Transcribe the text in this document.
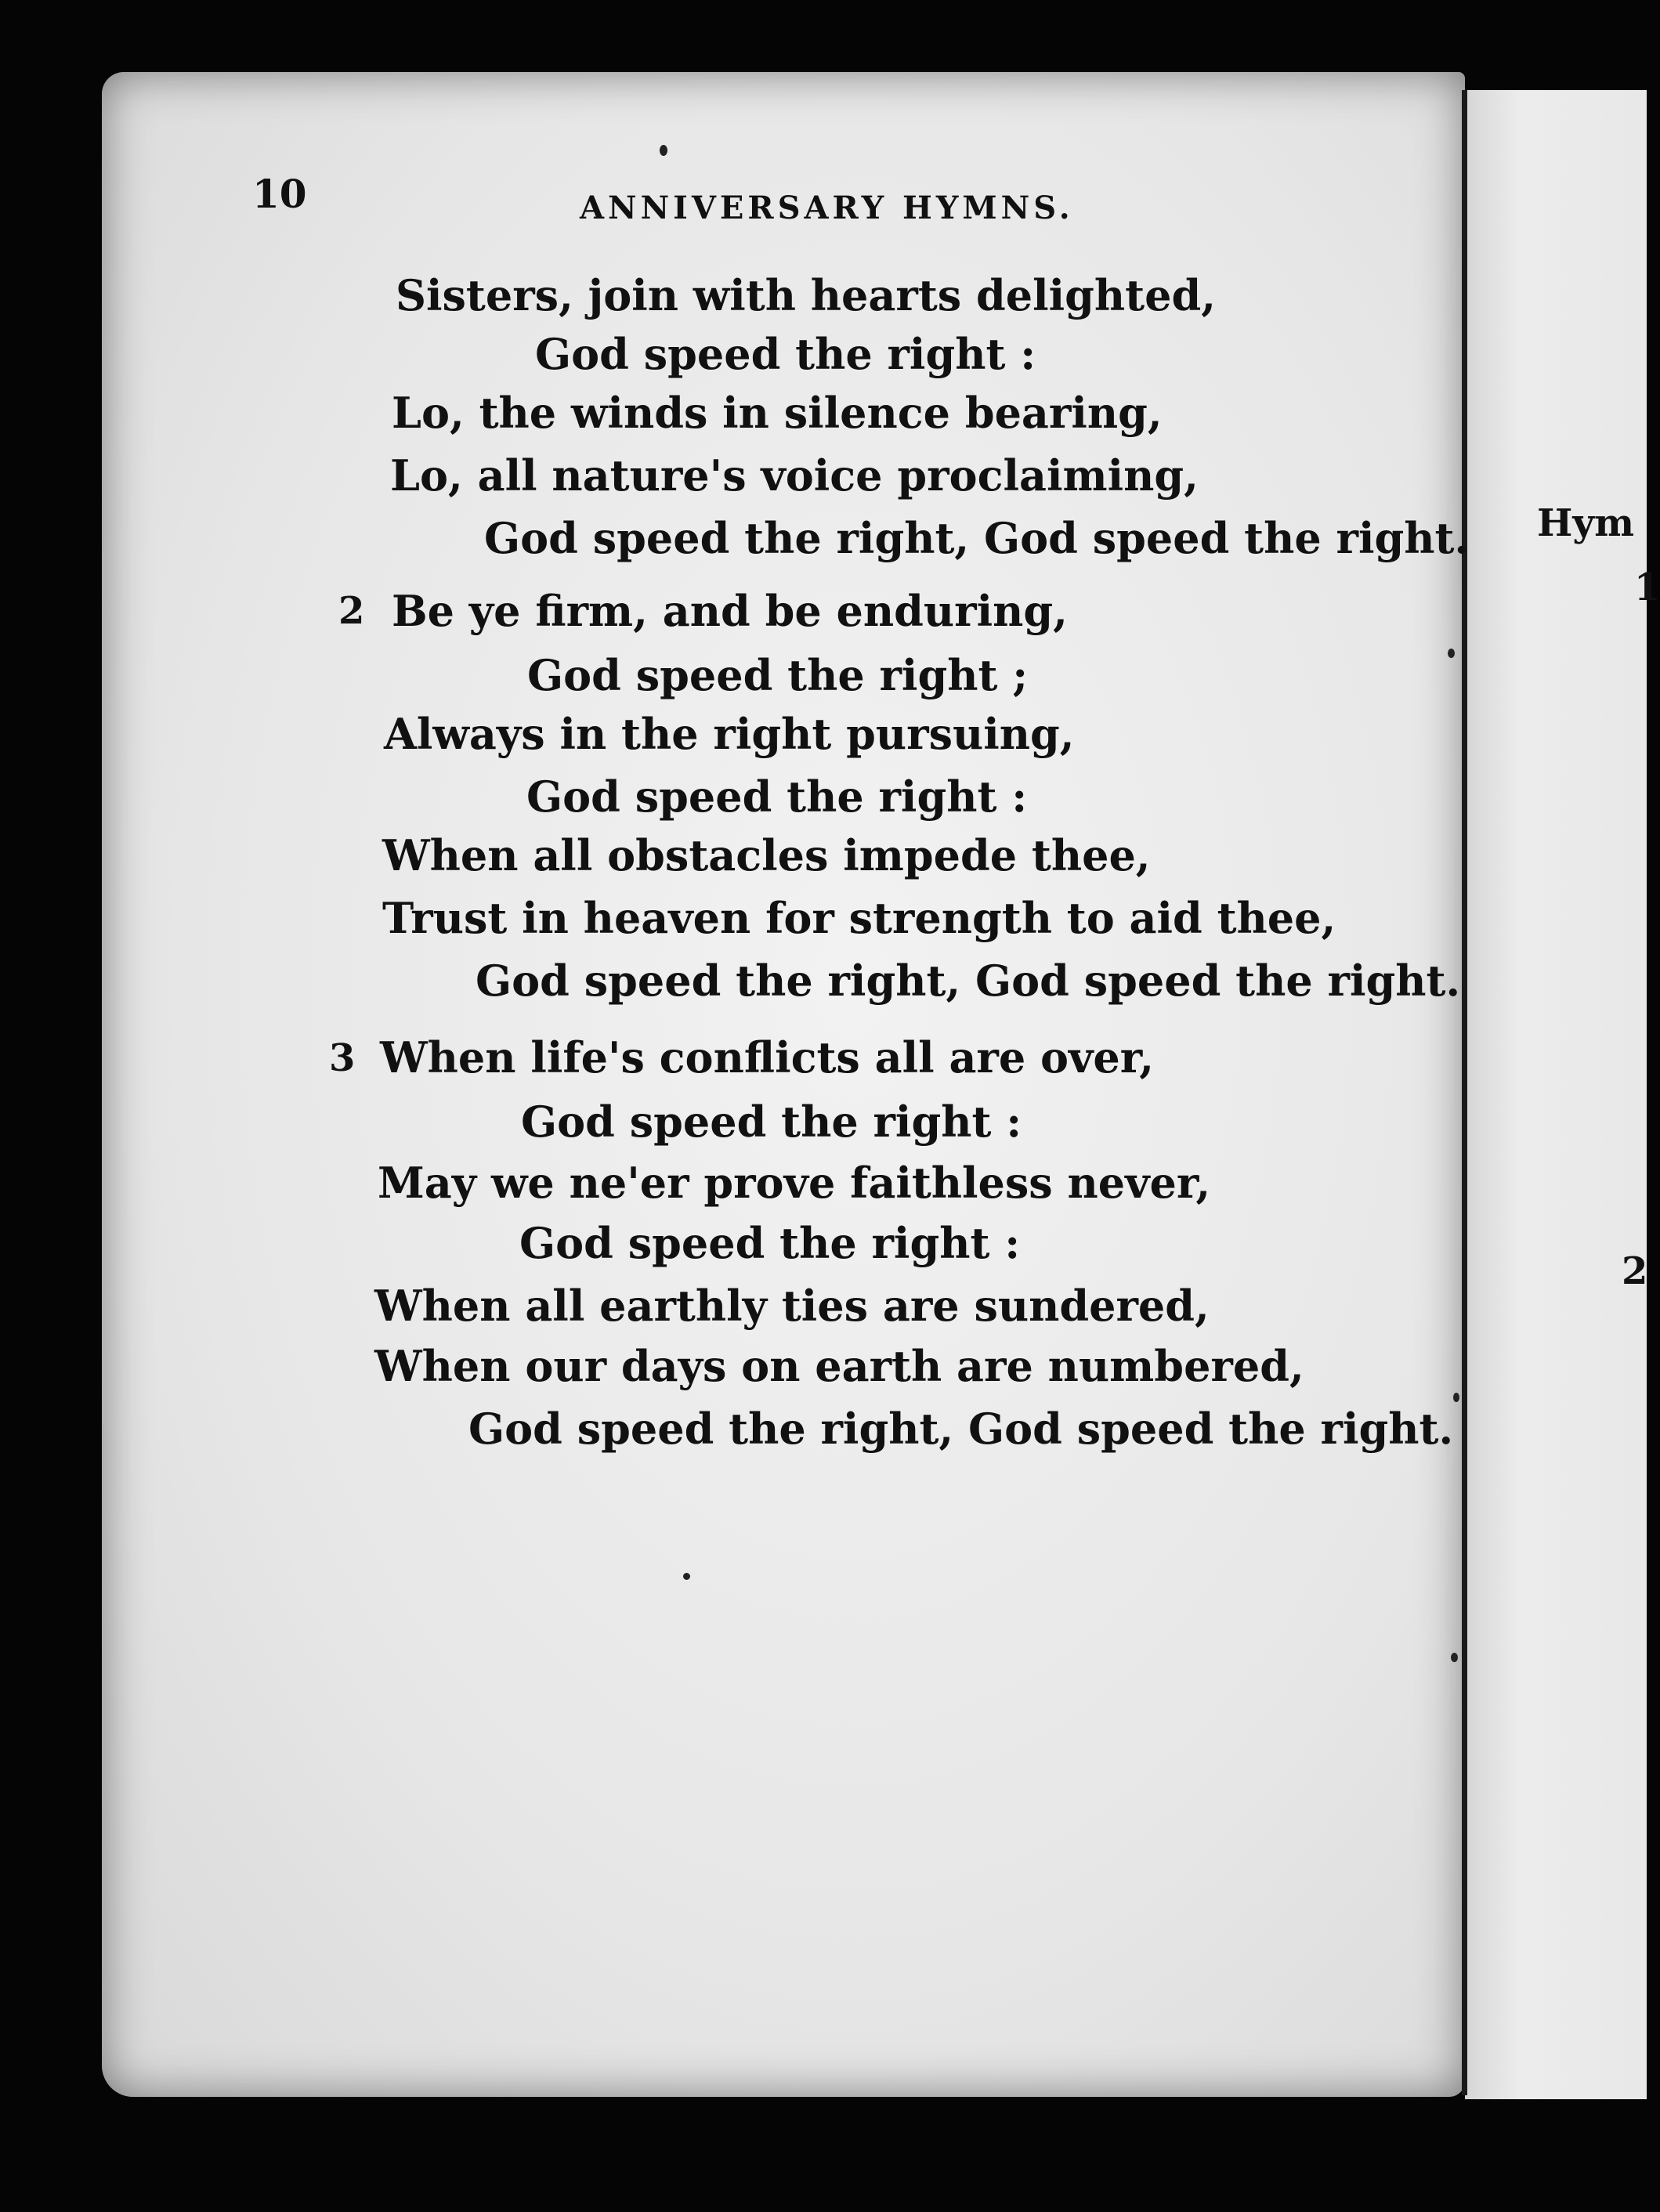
10	ANNIVERSARY HYMNS.
Sisters, join with hearts delighted,
God speed the right :
Lo, the winds in silence bearing,
Lo, all nature's voice proclaiming,
God speed the right, God speed the right.
2 Be ye firm, and be enduring,
God speed the right ;
Always in the right pursuing,
God speed the right :
When all obstacles impede thee,
Trust in heaven for strength to aid thee,
God speed the right, God speed the right.
3 When life's conflicts all are over,
God speed the right :
May we ne'er prove faithless never,
God speed the right :
When all earthly ties are sundered,
When our days on earth are numbered,
God speed the right, God speed the right.
Hym
1
2
